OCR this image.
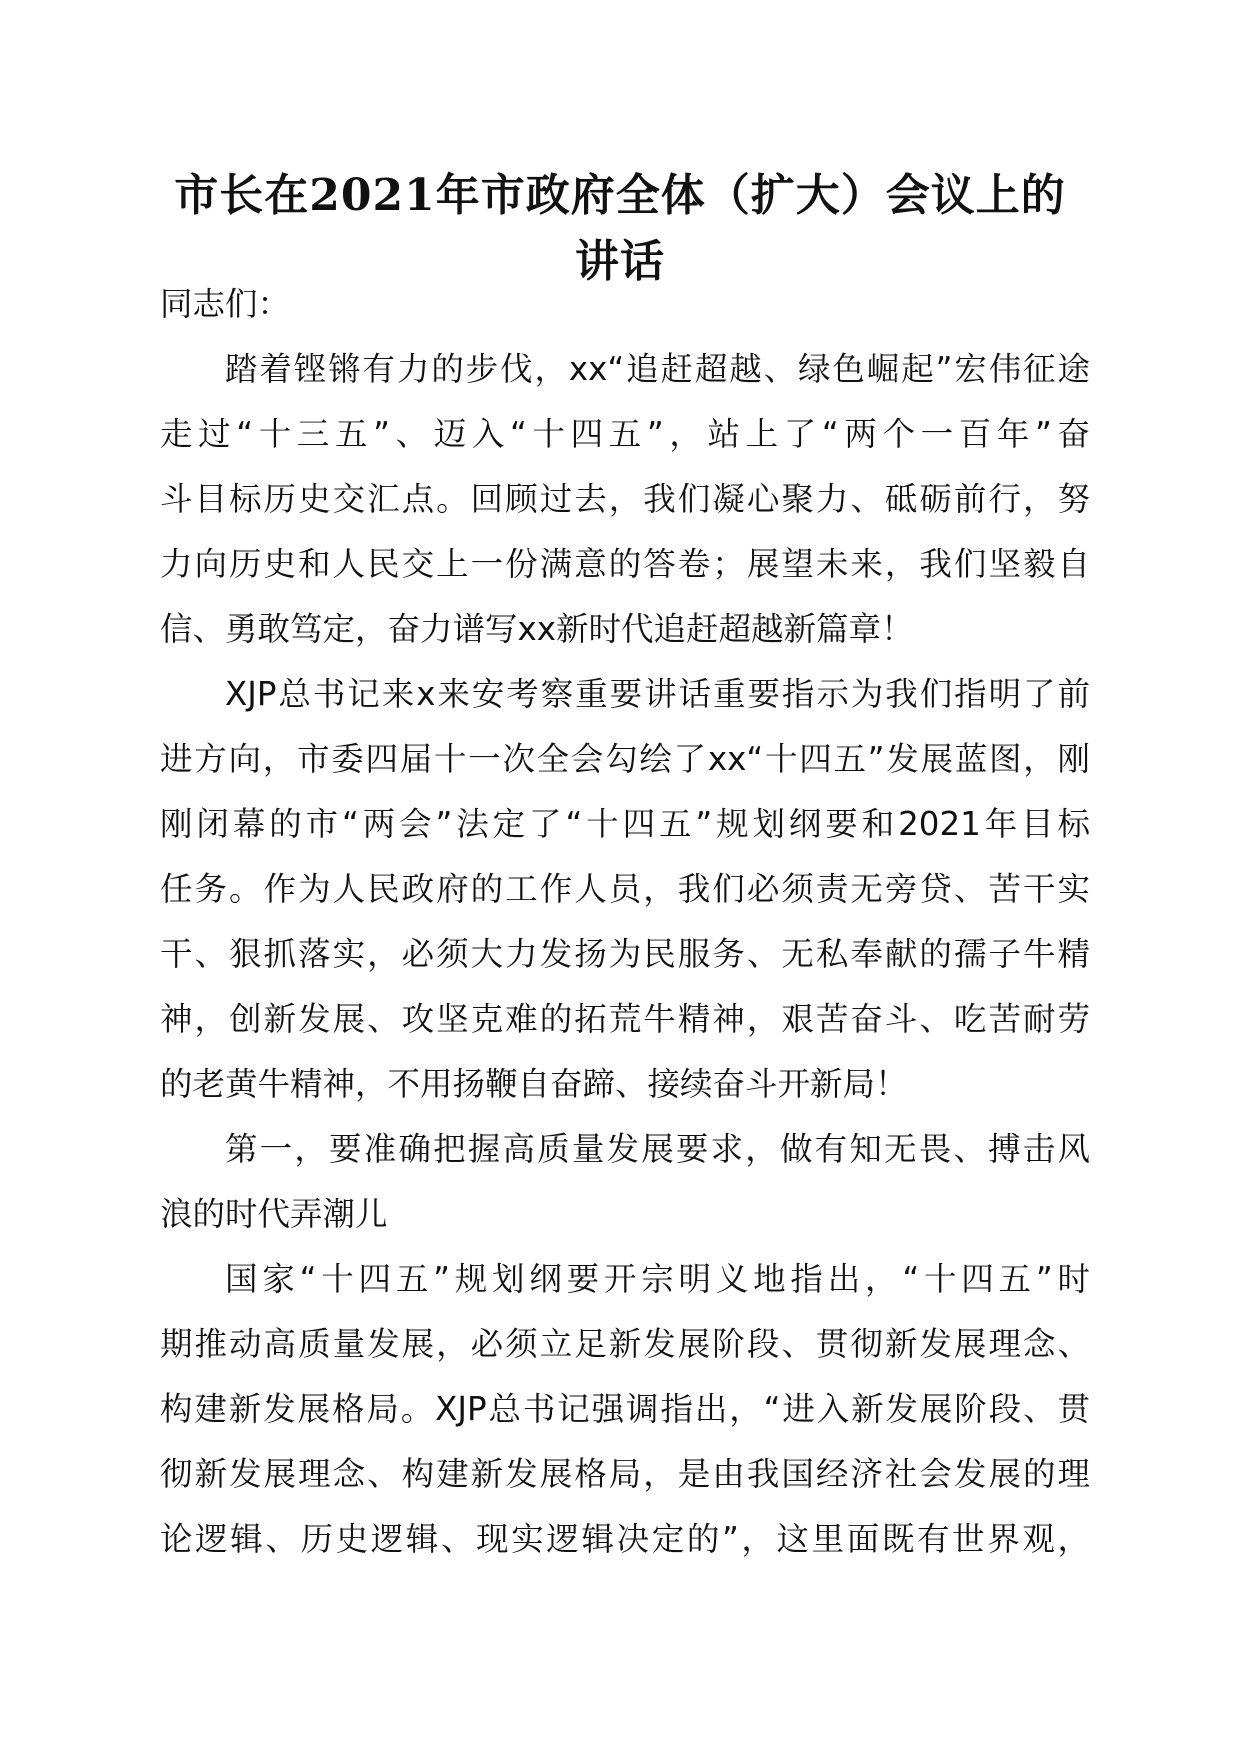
市长在2021年市政府全体（扩大）会议上的
讲话
同志们：
踏着铿锵有力的步伐，xx“追赶超越、绿色崛起”宏伟征途
走过“十三五”、迈入“十四五”，站上了“两个一百年”奋
斗目标历史交汇点。回顾过去，我们凝心聚力、砥砺前行，努
力向历史和人民交上一份满意的答卷；展望未来，我们坚毅自
信、勇敢笃定，奋力谱写xx新时代追赶超越新篇章！
XJP总书记来x来安考察重要讲话重要指示为我们指明了前
进方向，市委四届十一次全会勾绘了xx“十四五”发展蓝图，刚
刚闭幕的市“两会”法定了“十四五”规划纲要和2021年目标
任务。作为人民政府的工作人员，我们必须责无旁贷、苦干实
干、狠抓落实，必须大力发扬为民服务、无私奉献的孺子牛精
神，创新发展、攻坚克难的拓荒牛精神，艰苦奋斗、吃苦耐劳
的老黄牛精神，不用扬鞭自奋蹄、接续奋斗开新局！
第一，要准确把握高质量发展要求，做有知无畏、搏击风
浪的时代弄潮儿
国家“十四五”规划纲要开宗明义地指出，“十四五”时
期推动高质量发展，必须立足新发展阶段、贯彻新发展理念、
构建新发展格局。XJP总书记强调指出，“进入新发展阶段、贯
彻新发展理念、构建新发展格局，是由我国经济社会发展的理
论逻辑、历史逻辑、现实逻辑决定的”，这里面既有世界观，
